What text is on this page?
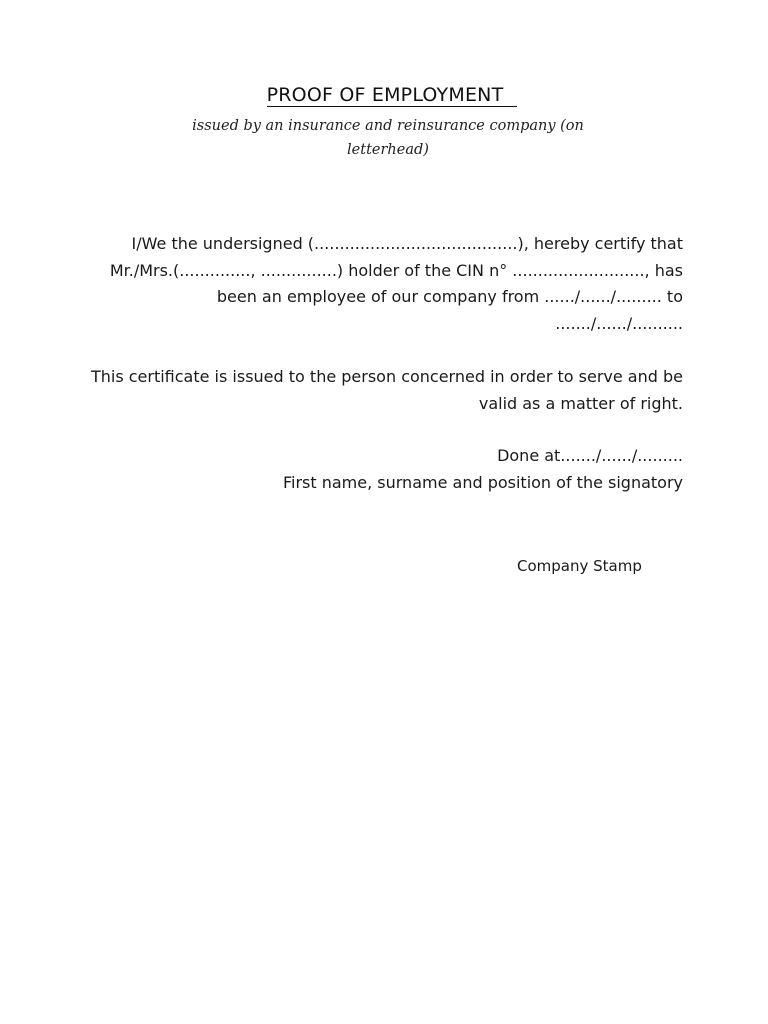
PROOF OF EMPLOYMENT
issued by an insurance and reinsurance company (on letterhead)
I/We the undersigned (........................................), hereby certify that
Mr./Mrs.(.............., ...............) holder of the CIN n° .........................., has
been an employee of our company from ....../....../......... to
......./....../..........
This certificate is issued to the person concerned in order to serve and be
valid as a matter of right.
Done at......./....../.........
First name, surname and position of the signatory
Company Stamp
